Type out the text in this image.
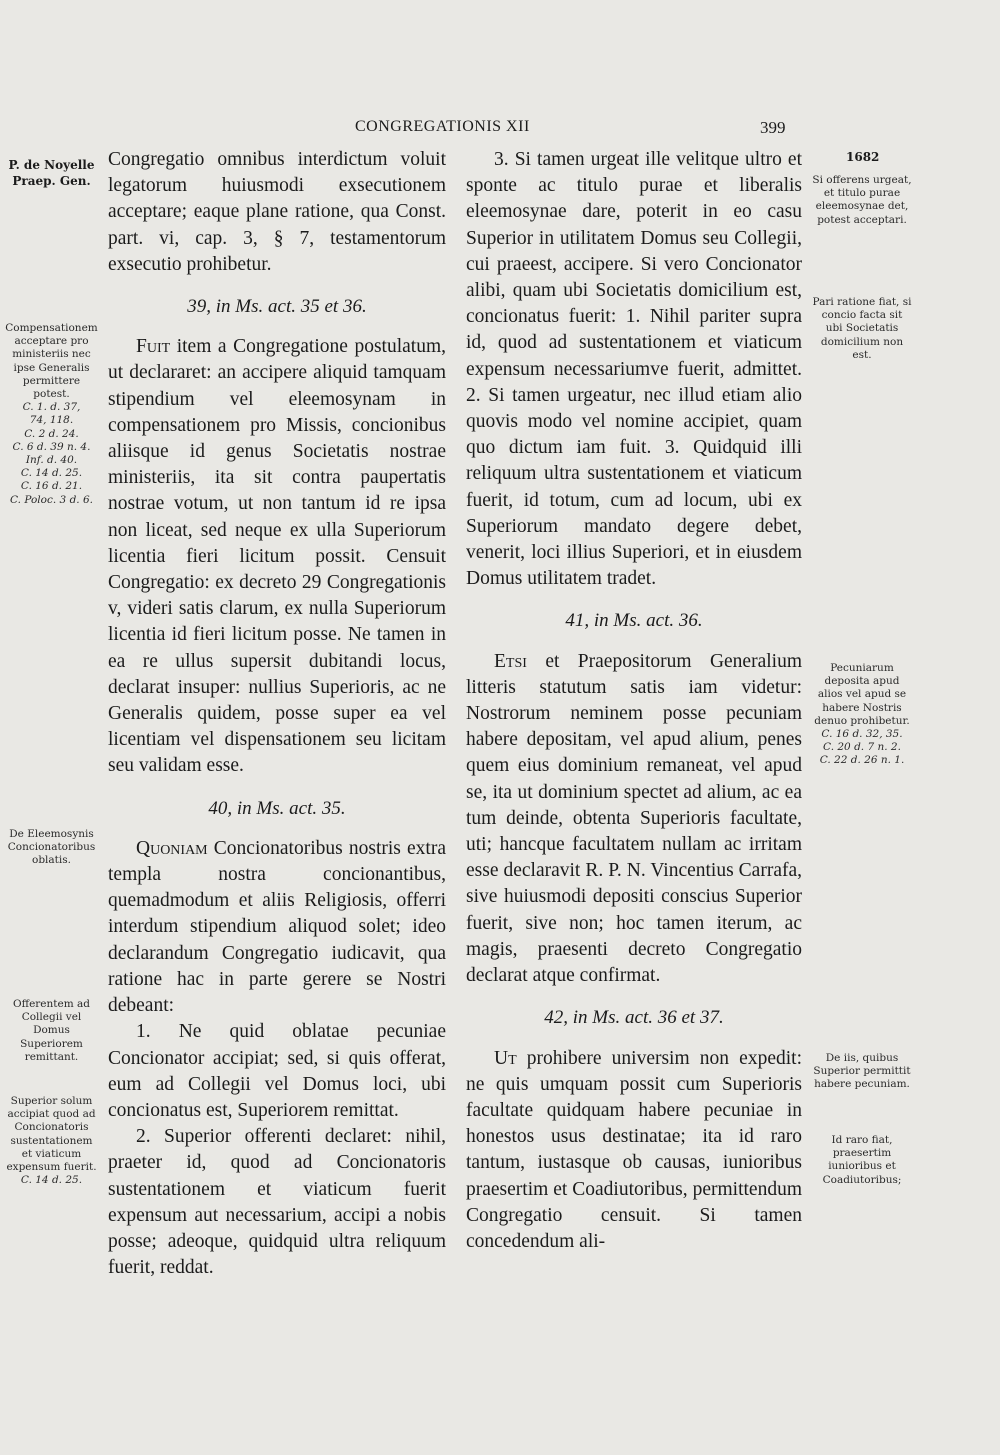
CONGREGATIONIS XII	399
P. de Noyelle Praep. Gen.
Compensationem acceptare pro ministeriis nec ipse Generalis permittere potest.
C. 1. d. 37,
74, 118.
C. 2 d. 24.
C. 6 d. 39 n. 4.
Inf. d. 40.
C. 14 d. 25.
C. 16 d. 21.
C. Poloc. 3 d. 6.
De Eleemosynis Concionatoribus oblatis.
Offerentem ad Collegii vel Domus Superiorem remittant.
Superior solum accipiat quod ad Concionatoris sustentationem et viaticum expensum fuerit.
C. 14 d. 25.
1682
Si offerens urgeat, et titulo purae eleemosynae det, potest acceptari.
Pari ratione fiat, si concio facta sit ubi Societatis domicilium non est.
Pecuniarum deposita apud alios vel apud se habere Nostris denuo prohibetur.
C. 16 d. 32, 35.
C. 20 d. 7 n. 2.
C. 22 d. 26 n. 1.
De iis, quibus Superior permittit habere pecuniam.
Id raro fiat, praesertim iunioribus et Coadiutoribus;

Congregatio omnibus interdictum voluit legatorum huiusmodi exsecutionem acceptare; eaque plane ratione, qua Const. part. vi, cap. 3, § 7, testamentorum exsecutio prohibetur.

39, in Ms. act. 35 et 36.

Fuit item a Congregatione postulatum, ut declararet: an accipere aliquid tamquam stipendium vel eleemosynam in compensationem pro Missis, concionibus aliisque id genus Societatis nostrae ministeriis, ita sit contra paupertatis nostrae votum, ut non tantum id re ipsa non liceat, sed neque ex ulla Superiorum licentia fieri licitum possit. Censuit Congregatio: ex decreto 29 Congregationis v, videri satis clarum, ex nulla Superiorum licentia id fieri licitum posse. Ne tamen in ea re ullus supersit dubitandi locus, declarat insuper: nullius Superioris, ac ne Generalis quidem, posse super ea vel licentiam vel dispensationem seu licitam seu validam esse.

40, in Ms. act. 35.

Quoniam Concionatoribus nostris extra templa nostra concionantibus, quemadmodum et aliis Religiosis, offerri interdum stipendium aliquod solet; ideo declarandum Congregatio iudicavit, qua ratione hac in parte gerere se Nostri debeant:

1. Ne quid oblatae pecuniae Concionator accipiat; sed, si quis offerat, eum ad Collegii vel Domus loci, ubi concionatus est, Superiorem remittat.

2. Superior offerenti declaret: nihil, praeter id, quod ad Concionatoris sustentationem et viaticum fuerit expensum aut necessarium, accipi a nobis posse; adeoque, quidquid ultra reliquum fuerit, reddat.

3. Si tamen urgeat ille velitque ultro et sponte ac titulo purae et liberalis eleemosynae dare, poterit in eo casu Superior in utilitatem Domus seu Collegii, cui praeest, accipere. Si vero Concionator alibi, quam ubi Societatis domicilium est, concionatus fuerit: 1. Nihil pariter supra id, quod ad sustentationem et viaticum expensum necessariumve fuerit, admittet. 2. Si tamen urgeatur, nec illud etiam alio quovis modo vel nomine accipiet, quam quo dictum iam fuit. 3. Quidquid illi reliquum ultra sustentationem et viaticum fuerit, id totum, cum ad locum, ubi ex Superiorum mandato degere debet, venerit, loci illius Superiori, et in eiusdem Domus utilitatem tradet.

41, in Ms. act. 36.

Etsi et Praepositorum Generalium litteris statutum satis iam videtur: Nostrorum neminem posse pecuniam habere depositam, vel apud alium, penes quem eius dominium remaneat, vel apud se, ita ut dominium spectet ad alium, ac ea tum deinde, obtenta Superioris facultate, uti; hancque facultatem nullam ac irritam esse declaravit R. P. N. Vincentius Carrafa, sive huiusmodi depositi conscius Superior fuerit, sive non; hoc tamen iterum, ac magis, praesenti decreto Congregatio declarat atque confirmat.

42, in Ms. act. 36 et 37.

Ut prohibere universim non expedit: ne quis umquam possit cum Superioris facultate quidquam habere pecuniae in honestos usus destinatae; ita id raro tantum, iustasque ob causas, iunioribus praesertim et Coadiutoribus, permittendum Congregatio censuit. Si tamen concedendum ali-
